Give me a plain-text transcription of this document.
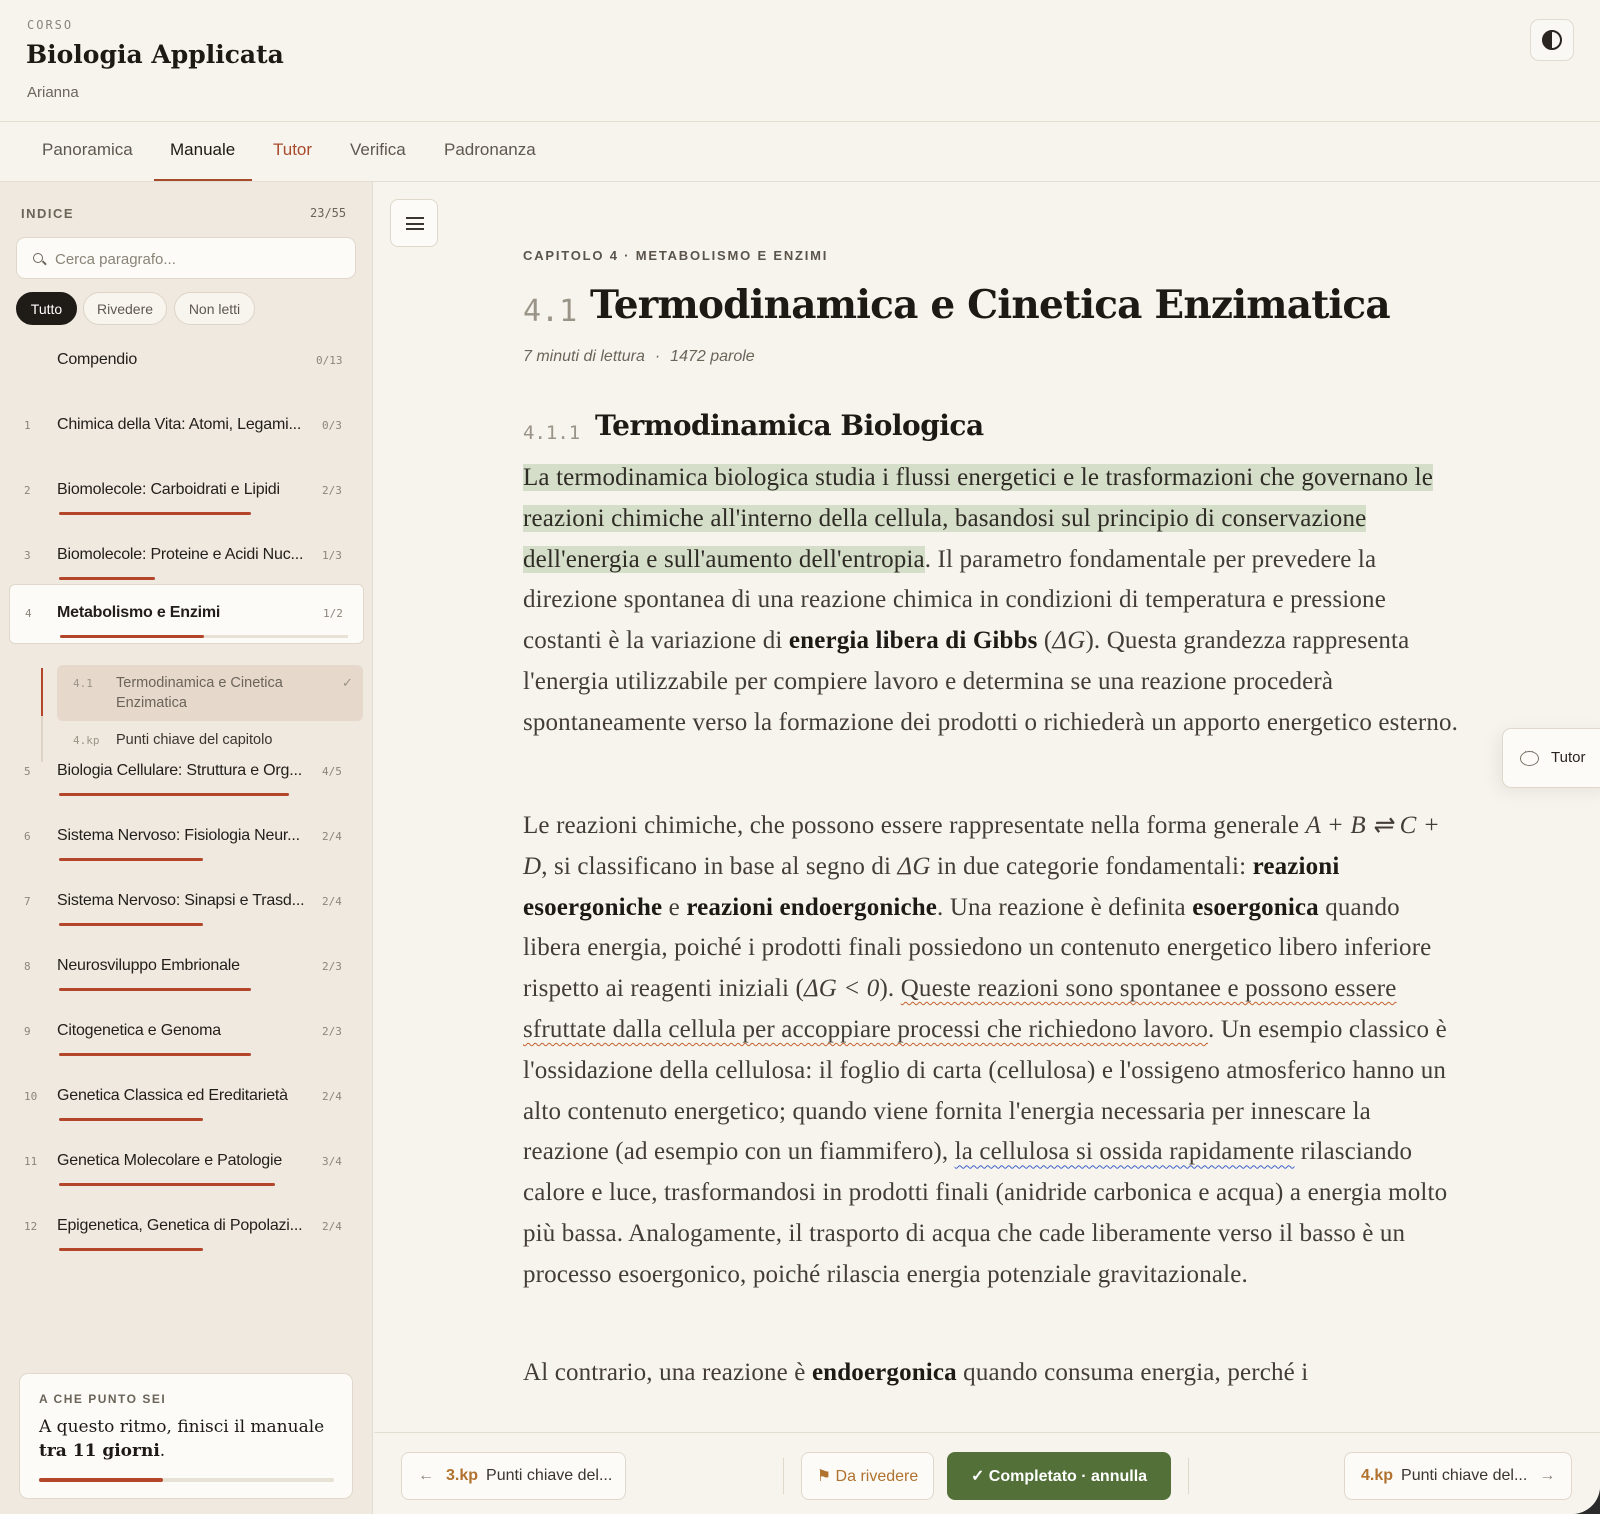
CORSO
Biologia Applicata
Arianna
Panoramica Manuale Tutor Verifica Padronanza
INDICE	23/55
Cerca paragrafo...
Tutto	Rivedere	Non letti
Compendio	0/13
1	Chimica della Vita: Atomi, Legami...	0/3
2	Biomolecole: Carboidrati e Lipidi	2/3
3	Biomolecole: Proteine e Acidi Nuc...	1/3
4	Metabolismo e Enzimi	1/2
5	Biologia Cellulare: Struttura e Org...	4/5
6	Sistema Nervoso: Fisiologia Neur...	2/4
7	Sistema Nervoso: Sinapsi e Trasd...	2/4
8	Neurosviluppo Embrionale	2/3
9	Citogenetica e Genoma	2/3
10	Genetica Classica ed Ereditarietà	2/4
11	Genetica Molecolare e Patologie	3/4
12	Epigenetica, Genetica di Popolazi...	2/4
4.1 Termodinamica e Cinetica
Enzimatica
✓
4.kp Punti chiave del capitolo
A CHE PUNTO SEI
A questo ritmo, finisci il manuale tra 11 giorni.
CAPITOLO 4 · METABOLISMO E ENZIMI
4.1 Termodinamica e Cinetica Enzimatica
7 minuti di lettura · 1472 parole
4.1.1 Termodinamica Biologica
La termodinamica biologica studia i flussi energetici e le trasformazioni che governano le reazioni chimiche all'interno della cellula, basandosi sul principio di conservazione dell'energia e sull'aumento dell'entropia. Il parametro fondamentale per prevedere la direzione spontanea di una reazione chimica in condizioni di temperatura e pressione costanti è la variazione di energia libera di Gibbs (ΔG). Questa grandezza rappresenta l'energia utilizzabile per compiere lavoro e determina se una reazione procederà spontaneamente verso la formazione dei prodotti o richiederà un apporto energetico esterno.
Le reazioni chimiche, che possono essere rappresentate nella forma generale A + B ⇌ C + D, si classificano in base al segno di ΔG in due categorie fondamentali: reazioni esoergoniche e reazioni endoergoniche. Una reazione è definita esoergonica quando libera energia, poiché i prodotti finali possiedono un contenuto energetico libero inferiore rispetto ai reagenti iniziali (ΔG < 0). Queste reazioni sono spontanee e possono essere sfruttate dalla cellula per accoppiare processi che richiedono lavoro. Un esempio classico è l'ossidazione della cellulosa: il foglio di carta (cellulosa) e l'ossigeno atmosferico hanno un alto contenuto energetico; quando viene fornita l'energia necessaria per innescare la reazione (ad esempio con un fiammifero), la cellulosa si ossida rapidamente rilasciando calore e luce, trasformandosi in prodotti finali (anidride carbonica e acqua) a energia molto più bassa. Analogamente, il trasporto di acqua che cade liberamente verso il basso è un processo esoergonico, poiché rilascia energia potenziale gravitazionale.
Al contrario, una reazione è endoergonica quando consuma energia, perché i
···
Tutor
← 3.kp Punti chiave del...	⚑ Da rivedere	✓ Completato · annulla	4.kp Punti chiave del... →
